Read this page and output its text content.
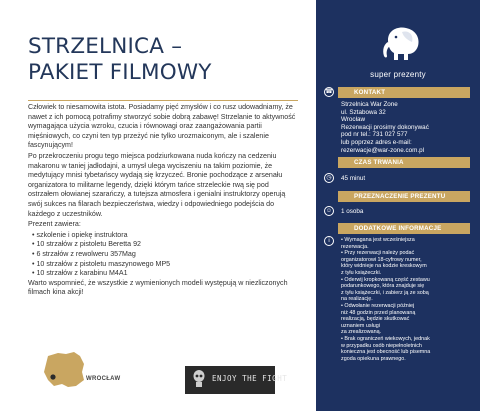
STRZELNICA –
PAKIET FILMOWY

Człowiek to niesamowita istota. Posiadamy pięć zmysłów i co rusz udowadniamy, że nawet z ich pomocą potrafimy stworzyć sobie dobrą zabawę! Strzelanie to aktywność wymagająca użycia wzroku, czucia i równowagi oraz zaangażowania partii mięśniowych, co czyni ten typ przeżyć nie tylko urozmaiconym, ale i szalenie fascynującym!

Po przekroczeniu progu tego miejsca podziurkowana nuda kończy na cedzeniu makaronu w taniej jadłodajni, a umysł ulega wyciszeniu na takim poziomie, że medytujący mnisi tybetańscy wydają się krzyczeć. Bronie pochodzące z arsenału organizatora to militarne legendy, dzięki którym tańce strzeleckie rwą się pod ostrzałem ołowianej szarańczy, a tutejsza atmosfera i genialni instruktorzy operują swój sukces na filarach bezpieczeństwa, wiedzy i odpowiedniego podejścia do każdego z uczestników.

Prezent zawiera:

• szkolenie i opiekę instruktora
• 10 strzałów z pistoletu Beretta 92
• 6 strzałów z rewolweru 357Mag
• 10 strzałów z pistoletu maszynowego MP5
• 10 strzałów z karabinu M4A1

Warto wspomnieć, że wszystkie z wymienionych modeli występują w niezliczonych filmach kina akcji!

WROCŁAW	ENJOY THE FIGHT
super prezenty
☎	KONTAKT
Strzelnica War Zone
ul. Sztabowa 32
Wrocław
Rezerwacji prosimy dokonywać
pod nr tel.: 731 027 577
lub poprzez adres e-mail:
rezerwacje@war-zone.com.pl
CZAS TRWANIA
◷	45 minut
PRZEZNACZENIE PREZENTU
☺	1 osoba
DODATKOWE INFORMACJE
i	• Wymagana jest wcześniejsza
rezerwacja.
• Przy rezerwacji należy podać
organizatorowi 18-cyfrowy numer,
który widnieje na kodzie kreskowym
z tyłu książeczki.
• Oderwij kropkowaną część zestawu
podarunkowego, która znajduje się
z tyłu książeczki, i zabierz ją ze sobą
na realizację.
• Odwołanie rezerwacji później
niż 48 godzin przed planowaną
realizacją, będzie skutkować
uznaniem usługi
za zrealizowaną.
• Brak ograniczeń wiekowych, jednak
w przypadku osób niepełnoletnich
konieczna jest obecność lub pisemna
zgoda opiekuna prawnego.
